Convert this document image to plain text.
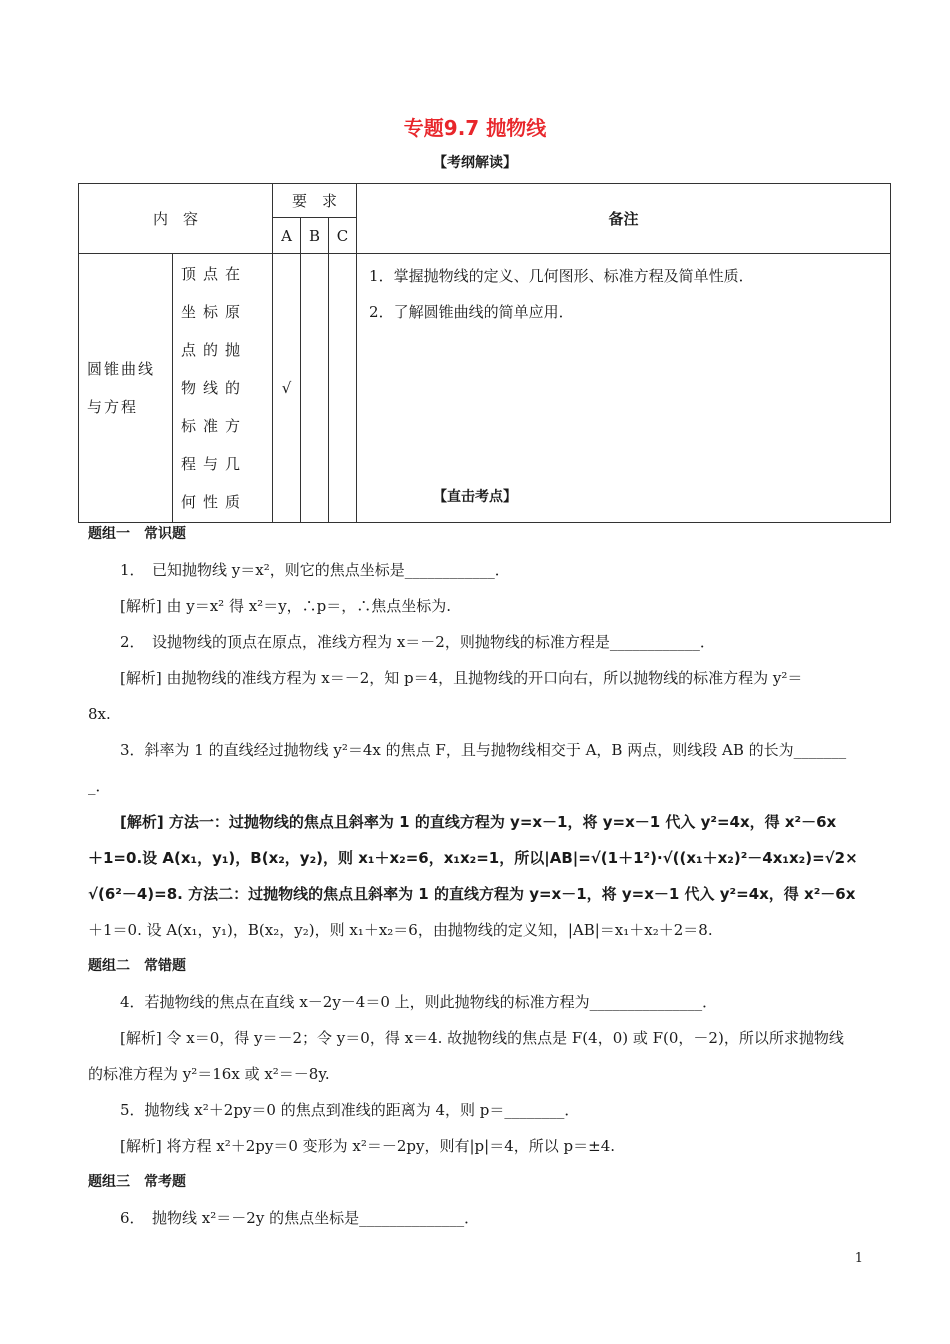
专题9.7 抛物线
【考纲解读】
内　容		要　求			备注
		A	B	C	
圆锥曲线与方程	顶点在坐标原点的抛物线的标准方程与几何性质	√			1．掌握抛物线的定义、几何图形、标准方程及简单性质．
2．了解圆锥曲线的简单应用．
【直击考点】

题组一　常识题

1．　已知抛物线 y＝x²，则它的焦点坐标是____________．

[解析] 由 y＝x² 得 x²＝y，∴p＝，∴焦点坐标为.

2．　设抛物线的顶点在原点，准线方程为 x＝－2，则抛物线的标准方程是____________．

[解析] 由抛物线的准线方程为 x＝－2，知 p＝4，且抛物线的开口向右，所以抛物线的标准方程为 y²＝

8x.

3．斜率为 1 的直线经过抛物线 y²＝4x 的焦点 F，且与抛物线相交于 A，B 两点，则线段 AB 的长为_______

_．

[解析] 方法一：过抛物线的焦点且斜率为 1 的直线方程为 y=x－1，将 y=x－1 代入 y²=4x，得 x²－6x

＋1=0.设 A(x₁，y₁)，B(x₂，y₂)，则 x₁＋x₂=6，x₁x₂=1，所以|AB|=√(1＋1²)·√((x₁＋x₂)²－4x₁x₂)=√2×

√(6²－4)=8. 方法二：过抛物线的焦点且斜率为 1 的直线方程为 y=x－1，将 y=x－1 代入 y²=4x，得 x²－6x

＋1＝0. 设 A(x₁，y₁)，B(x₂，y₂)，则 x₁＋x₂＝6，由抛物线的定义知，|AB|＝x₁＋x₂＋2＝8.

题组二　常错题

4．若抛物线的焦点在直线 x－2y－4＝0 上，则此抛物线的标准方程为_______________．

[解析] 令 x＝0，得 y＝－2；令 y＝0，得 x＝4. 故抛物线的焦点是 F(4，0) 或 F(0，－2)，所以所求抛物线

的标准方程为 y²＝16x 或 x²＝－8y.

5．抛物线 x²＋2py＝0 的焦点到准线的距离为 4，则 p＝________．

[解析] 将方程 x²＋2py＝0 变形为 x²＝－2py，则有|p|＝4，所以 p＝±4.

题组三　常考题

6．　抛物线 x²＝－2y 的焦点坐标是______________．

1
